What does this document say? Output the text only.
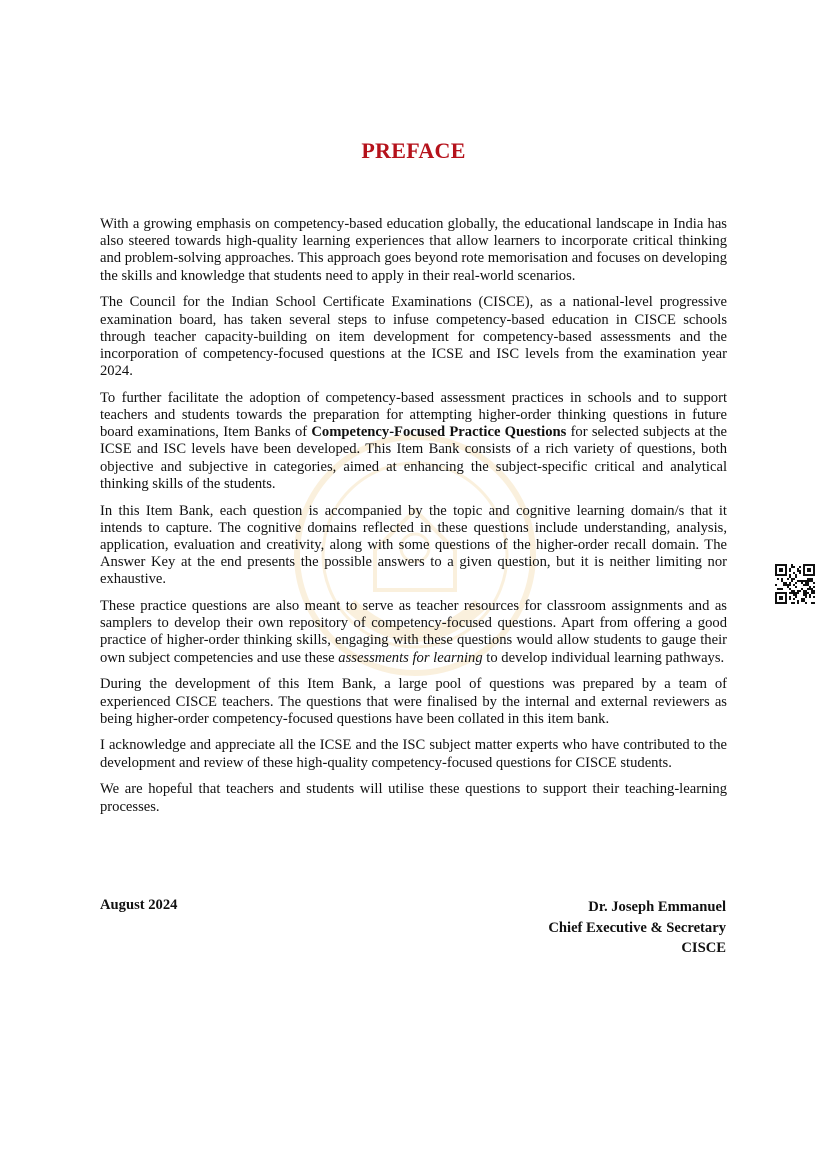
PREFACE

With a growing emphasis on competency-based education globally, the educational landscape in India has also steered towards high-quality learning experiences that allow learners to incorporate critical thinking and problem-solving approaches. This approach goes beyond rote memorisation and focuses on developing the skills and knowledge that students need to apply in their real-world scenarios.

The Council for the Indian School Certificate Examinations (CISCE), as a national-level progressive examination board, has taken several steps to infuse competency-based education in CISCE schools through teacher capacity-building on item development for competency-based assessments and the incorporation of competency-focused questions at the ICSE and ISC levels from the examination year 2024.

To further facilitate the adoption of competency-based assessment practices in schools and to support teachers and students towards the preparation for attempting higher-order thinking questions in future board examinations, Item Banks of Competency-Focused Practice Questions for selected subjects at the ICSE and ISC levels have been developed. This Item Bank consists of a rich variety of questions, both objective and subjective in categories, aimed at enhancing the subject-specific critical and analytical thinking skills of the students.

In this Item Bank, each question is accompanied by the topic and cognitive learning domain/s that it intends to capture. The cognitive domains reflected in these questions include understanding, analysis, application, evaluation and creativity, along with some questions of the higher-order recall domain. The Answer Key at the end presents the possible answers to a given question, but it is neither limiting nor exhaustive.

These practice questions are also meant to serve as teacher resources for classroom assignments and as samplers to develop their own repository of competency-focused questions. Apart from offering a good practice of higher-order thinking skills, engaging with these questions would allow students to gauge their own subject competencies and use these assessments for learning to develop individual learning pathways.

During the development of this Item Bank, a large pool of questions was prepared by a team of experienced CISCE teachers. The questions that were finalised by the internal and external reviewers as being higher-order competency-focused questions have been collated in this item bank.

I acknowledge and appreciate all the ICSE and the ISC subject matter experts who have contributed to the development and review of these high-quality competency-focused questions for CISCE students.

We are hopeful that teachers and students will utilise these questions to support their teaching-learning processes.

August 2024	Dr. Joseph Emmanuel
Chief Executive & Secretary
CISCE
